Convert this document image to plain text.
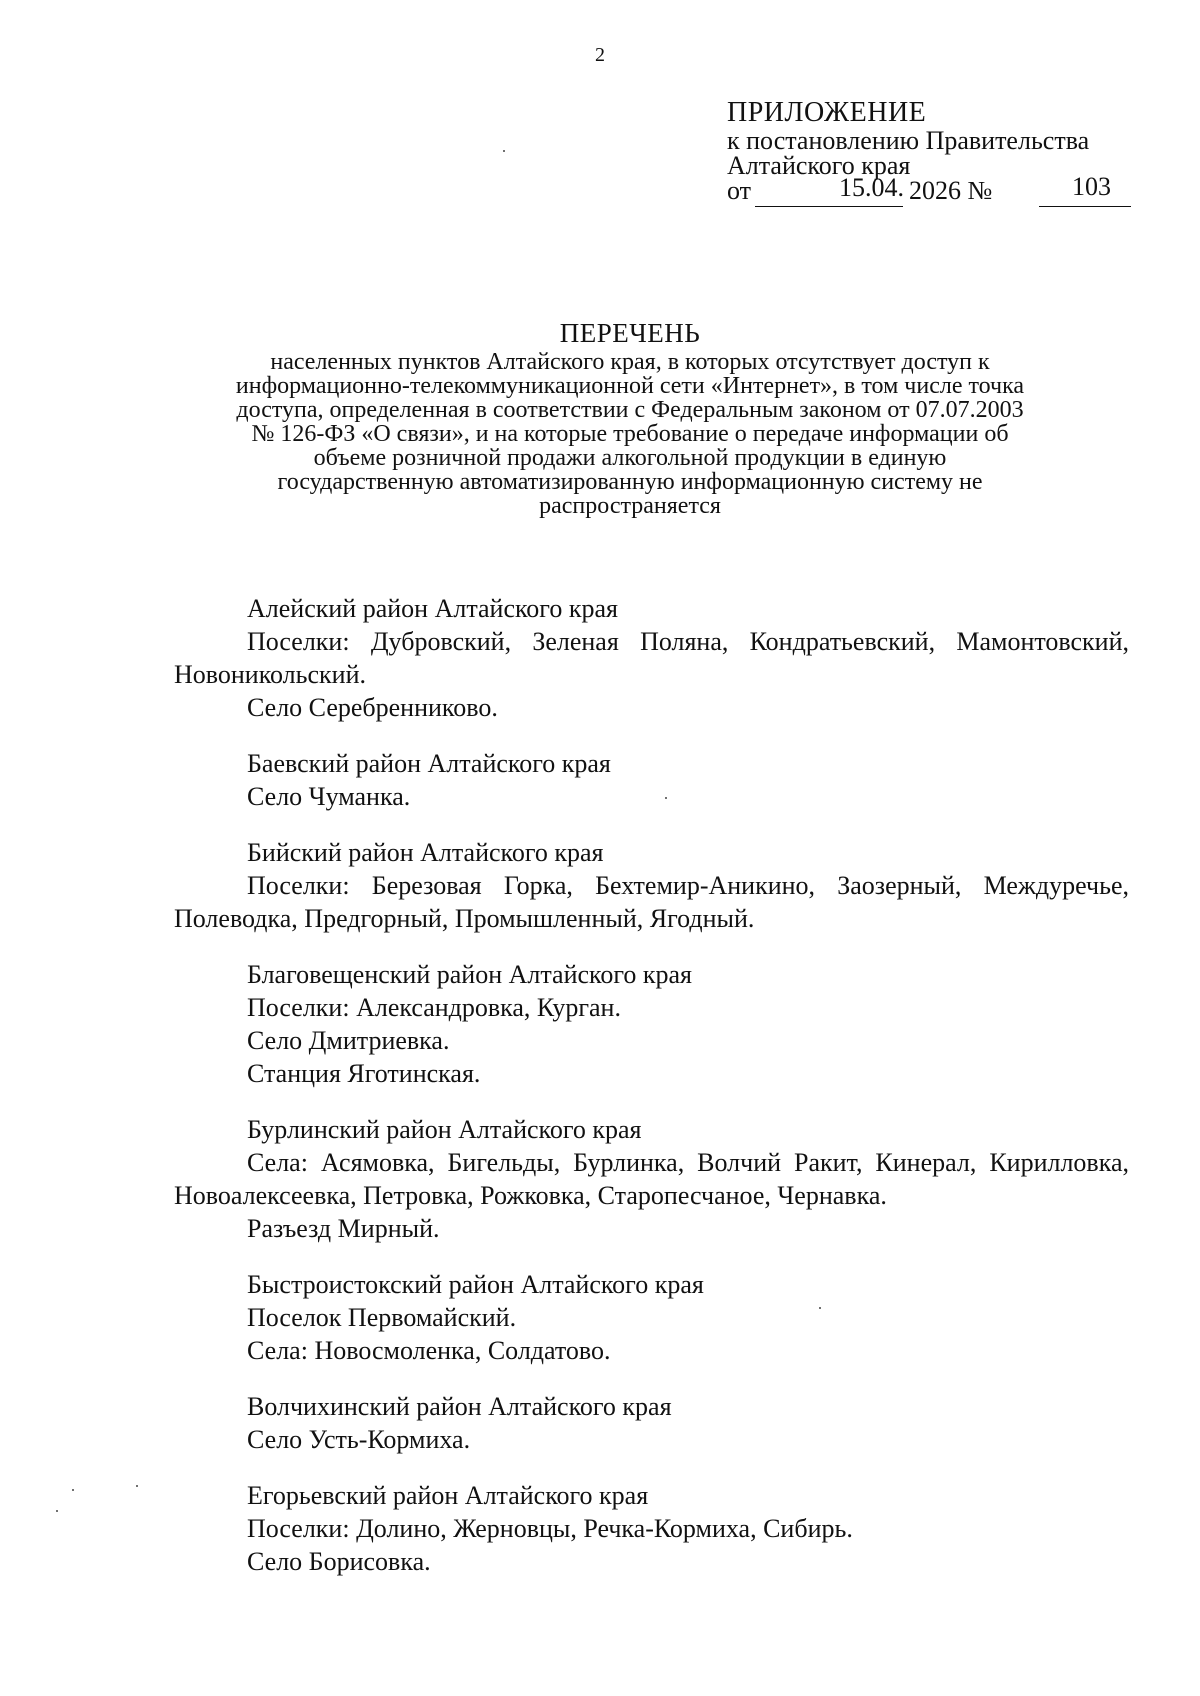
2
ПРИЛОЖЕНИЕ
к постановлению Правительства
Алтайского края
от	15.04. 2026 №	103
ПЕРЕЧЕНЬ
населенных пунктов Алтайского края, в которых отсутствует доступ к
информационно-телекоммуникационной сети «Интернет», в том числе точка
доступа, определенная в соответствии с Федеральным законом от 07.07.2003
№ 126-ФЗ «О связи», и на которые требование о передаче информации об
объеме розничной продажи алкогольной продукции в единую
государственную автоматизированную информационную систему не
распространяется

Алейский район Алтайского края

Поселки: Дубровский, Зеленая Поляна, Кондратьевский, Мамонтовский, Новоникольский.

Село Серебренниково.

Баевский район Алтайского края

Село Чуманка.

Бийский район Алтайского края

Поселки: Березовая Горка, Бехтемир-Аникино, Заозерный, Междуречье, Полеводка, Предгорный, Промышленный, Ягодный.

Благовещенский район Алтайского края

Поселки: Александровка, Курган.

Село Дмитриевка.

Станция Яготинская.

Бурлинский район Алтайского края

Села: Асямовка, Бигельды, Бурлинка, Волчий Ракит, Кинерал, Кирилловка, Новоалексеевка, Петровка, Рожковка, Старопесчаное, Чернавка.

Разъезд Мирный.

Быстроистокский район Алтайского края

Поселок Первомайский.

Села: Новосмоленка, Солдатово.

Волчихинский район Алтайского края

Село Усть-Кормиха.

Егорьевский район Алтайского края

Поселки: Долино, Жерновцы, Речка-Кормиха, Сибирь.

Село Борисовка.
